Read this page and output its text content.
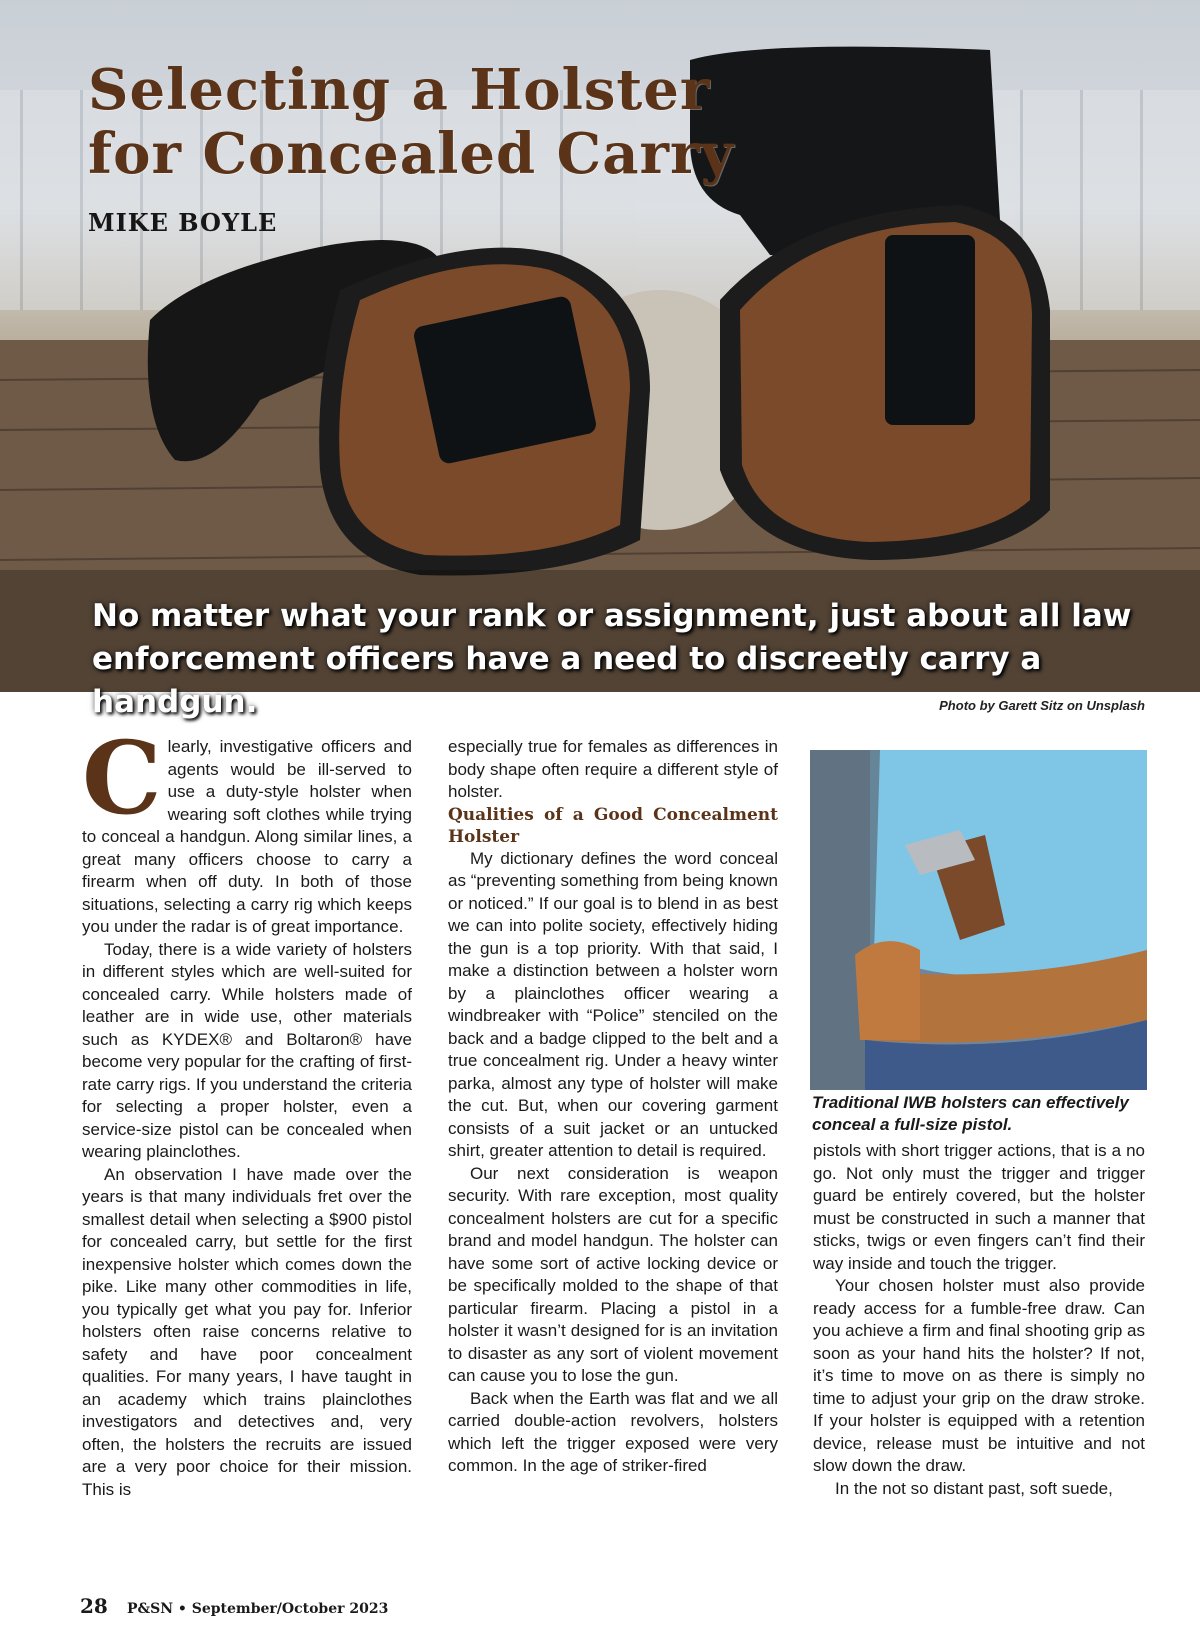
Selecting a Holster
for Concealed Carry
MIKE BOYLE
No matter what your rank or assignment, just about all law
enforcement officers have a need to discreetly carry a handgun.	Photo by Garett Sitz on Unsplash

Clearly, investigative officers and agents would be ill-served to use a duty-style holster when wearing soft clothes while trying to conceal a handgun. Along similar lines, a great many officers choose to carry a firearm when off duty. In both of those situations, selecting a carry rig which keeps you under the radar is of great importance.

Today, there is a wide variety of holsters in different styles which are well-suited for concealed carry. While holsters made of leather are in wide use, other materials such as KYDEX® and Boltaron® have become very popular for the crafting of first-rate carry rigs. If you understand the criteria for selecting a proper holster, even a service-size pistol can be concealed when wearing plainclothes.

An observation I have made over the years is that many individuals fret over the smallest detail when selecting a $900 pistol for concealed carry, but settle for the first inexpensive holster which comes down the pike. Like many other commodities in life, you typically get what you pay for. Inferior holsters often raise concerns relative to safety and have poor concealment qualities. For many years, I have taught in an academy which trains plainclothes investigators and detectives and, very often, the holsters the recruits are issued are a very poor choice for their mission. This is

especially true for females as differences in body shape often require a different style of holster.

Qualities of a Good Concealment Holster

My dictionary defines the word conceal as “preventing something from being known or noticed.” If our goal is to blend in as best we can into polite society, effectively hiding the gun is a top priority. With that said, I make a distinction between a holster worn by a plainclothes officer wearing a windbreaker with “Police” stenciled on the back and a badge clipped to the belt and a true concealment rig. Under a heavy winter parka, almost any type of holster will make the cut. But, when our covering garment consists of a suit jacket or an untucked shirt, greater attention to detail is required.

Our next consideration is weapon security. With rare exception, most quality concealment holsters are cut for a specific brand and model handgun. The holster can have some sort of active locking device or be specifically molded to the shape of that particular firearm. Placing a pistol in a holster it wasn’t designed for is an invitation to disaster as any sort of violent movement can cause you to lose the gun.

Back when the Earth was flat and we all carried double-action revolvers, holsters which left the trigger exposed were very common. In the age of striker-fired

Traditional IWB holsters can effectively conceal a full-size pistol.

pistols with short trigger actions, that is a no go. Not only must the trigger and trigger guard be entirely covered, but the holster must be constructed in such a manner that sticks, twigs or even fingers can’t find their way inside and touch the trigger.

Your chosen holster must also provide ready access for a fumble-free draw. Can you achieve a firm and final shooting grip as soon as your hand hits the holster? If not, it’s time to move on as there is simply no time to adjust your grip on the draw stroke. If your holster is equipped with a retention device, release must be intuitive and not slow down the draw.

In the not so distant past, soft suede,

28 P&SN • September/October 2023
